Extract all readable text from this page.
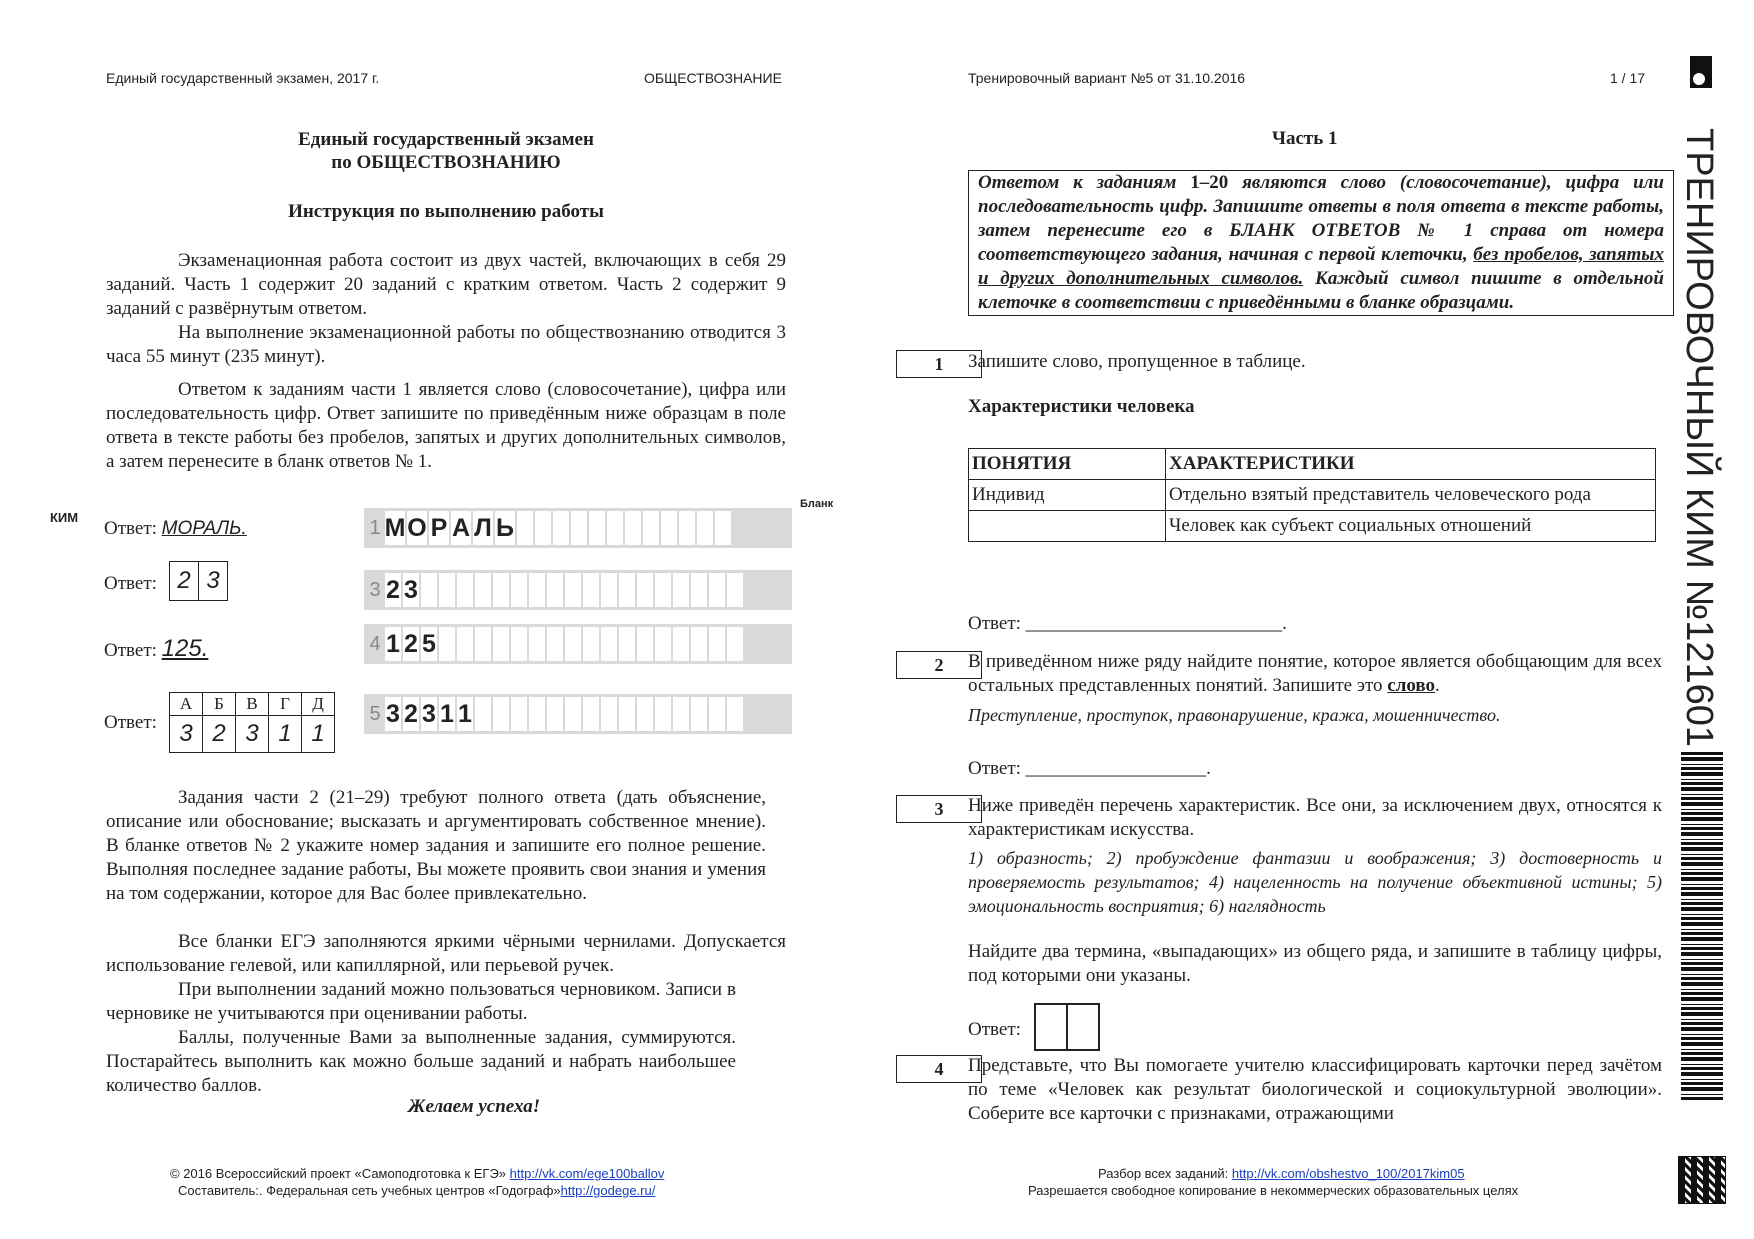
Единый государственный экзамен, 2017 г.	ОБЩЕСТВОЗНАНИЕ	Тренировочный вариант №5 от 31.10.2016	1 / 17
Единый государственный экзамен
по ОБЩЕСТВОЗНАНИЮ
Инструкция по выполнению работы

Экзаменационная работа состоит из двух частей, включающих в себя 29 заданий. Часть 1 содержит 20 заданий с кратким ответом. Часть 2 содержит 9 заданий с развёрнутым ответом.

На выполнение экзаменационной работы по обществознанию отводится 3 часа 55 минут (235 минут).

Ответом к заданиям части 1 является слово (словосочетание), цифра или последовательность цифр. Ответ запишите по приведённым ниже образцам в поле ответа в тексте работы без пробелов, запятых и других дополнительных символов, а затем перенесите в бланк ответов № 1.

КИМ
Бланк
Ответ: МОРАЛЬ.	1 М О Р А Л Ь
Ответ: 2 3	3 2 3
Ответ: 125.	4 1 2 5
Ответ:
А	Б	В	Г	Д
3	2	3	1	1
5 3 2 3 1 1

Задания части 2 (21–29) требуют полного ответа (дать объяснение, описание или обоснование; высказать и аргументировать собственное мнение). В бланке ответов № 2 укажите номер задания и запишите его полное решение. Выполняя последнее задание работы, Вы можете проявить свои знания и умения на том содержании, которое для Вас более привлекательно.

Все бланки ЕГЭ заполняются яркими чёрными чернилами. Допускается использование гелевой, или капиллярной, или перьевой ручек.

При выполнении заданий можно пользоваться черновиком. Записи в черновике не учитываются при оценивании работы.

Баллы, полученные Вами за выполненные задания, суммируются. Постарайтесь выполнить как можно больше заданий и набрать наибольшее количество баллов.

Желаем успеха!
© 2016 Всероссийский проект «Самоподготовка к ЕГЭ» http://vk.com/ege100ballov
Составитель:. Федеральная сеть учебных центров «Годограф»http://godege.ru/
Часть 1
Ответом к заданиям 1–20 являются слово (словосочетание), цифра или последовательность цифр. Запишите ответы в поля ответа в тексте работы, затем перенесите его в БЛАНК ОТВЕТОВ № 1 справа от номера соответствующего задания, начиная с первой клеточки, без пробелов, запятых и других дополнительных символов. Каждый символ пишите в отдельной клеточке в соответствии с приведёнными в бланке образцами.
1	Запишите слово, пропущенное в таблице.
Характеристики человека
ПОНЯТИЯ	ХАРАКТЕРИСТИКИ
Индивид	Отдельно взятый представитель человеческого рода
	Человек как субъект социальных отношений
Ответ: ___________________________.
2	В приведённом ниже ряду найдите понятие, которое является обобщающим для всех остальных представленных понятий. Запишите это слово.

Преступление, проступок, правонарушение, кража, мошенничество.
Ответ: ___________________.
3	Ниже приведён перечень характеристик. Все они, за исключением двух, относятся к характеристикам искусства.

1) образность; 2) пробуждение фантазии и воображения; 3) достоверность и проверяемость результатов; 4) нацеленность на получение объективной истины; 5) эмоциональность восприятия; 6) наглядность

Найдите два термина, «выпадающих» из общего ряда, и запишите в таблицу цифры, под которыми они указаны.

Ответ:
4	Представьте, что Вы помогаете учителю классифицировать карточки перед зачётом по теме «Человек как результат биологической и социокультурной эволюции». Соберите все карточки с признаками, отражающими

Разбор всех заданий: http://vk.com/obshestvo_100/2017kim05
Разрешается свободное копирование в некоммерческих образовательных целях
ТРЕНИРОВОЧНЫЙ КИМ №121601
